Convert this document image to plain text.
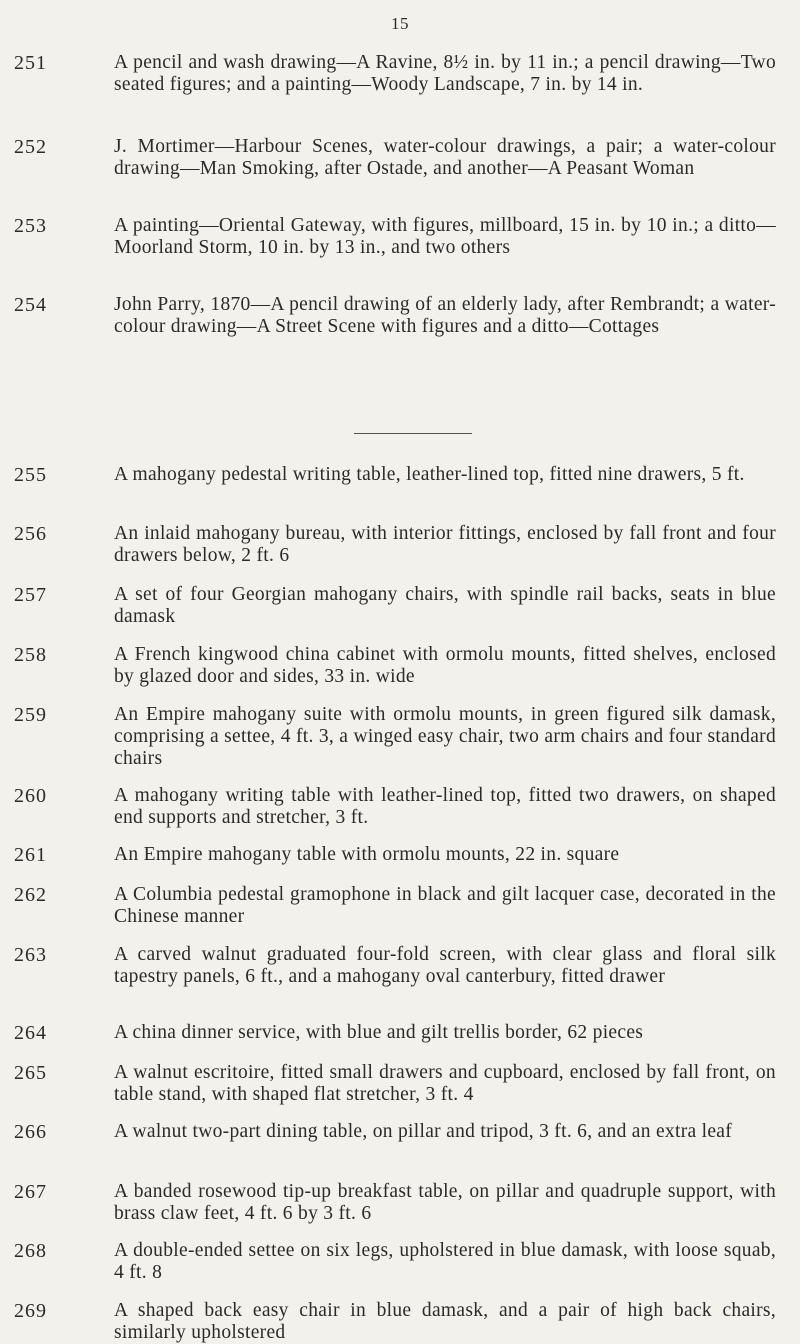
15
251	A pencil and wash drawing—A Ravine, 8½ in. by 11 in.; a pencil drawing—Two seated figures; and a painting—Woody Landscape, 7 in. by 14 in.
252	J. Mortimer—Harbour Scenes, water-colour drawings, a pair; a water-colour drawing—Man Smoking, after Ostade, and another—A Peasant Woman
253	A painting—Oriental Gateway, with figures, millboard, 15 in. by 10 in.; a ditto—Moorland Storm, 10 in. by 13 in., and two others
254	John Parry, 1870—A pencil drawing of an elderly lady, after Rembrandt; a water-colour drawing—A Street Scene with figures and a ditto—Cottages
255	A mahogany pedestal writing table, leather-lined top, fitted nine drawers, 5 ft.
256	An inlaid mahogany bureau, with interior fittings, enclosed by fall front and four drawers below, 2 ft. 6
257	A set of four Georgian mahogany chairs, with spindle rail backs, seats in blue damask
258	A French kingwood china cabinet with ormolu mounts, fitted shelves, enclosed by glazed door and sides, 33 in. wide
259	An Empire mahogany suite with ormolu mounts, in green figured silk damask, comprising a settee, 4 ft. 3, a winged easy chair, two arm chairs and four standard chairs
260	A mahogany writing table with leather-lined top, fitted two drawers, on shaped end supports and stretcher, 3 ft.
261	An Empire mahogany table with ormolu mounts, 22 in. square
262	A Columbia pedestal gramophone in black and gilt lacquer case, decorated in the Chinese manner
263	A carved walnut graduated four-fold screen, with clear glass and floral silk tapestry panels, 6 ft., and a mahogany oval canterbury, fitted drawer
264	A china dinner service, with blue and gilt trellis border, 62 pieces
265	A walnut escritoire, fitted small drawers and cupboard, enclosed by fall front, on table stand, with shaped flat stretcher, 3 ft. 4
266	A walnut two-part dining table, on pillar and tripod, 3 ft. 6, and an extra leaf
267	A banded rosewood tip-up breakfast table, on pillar and quadruple support, with brass claw feet, 4 ft. 6 by 3 ft. 6
268	A double-ended settee on six legs, upholstered in blue damask, with loose squab, 4 ft. 8
269	A shaped back easy chair in blue damask, and a pair of high back chairs, similarly upholstered
